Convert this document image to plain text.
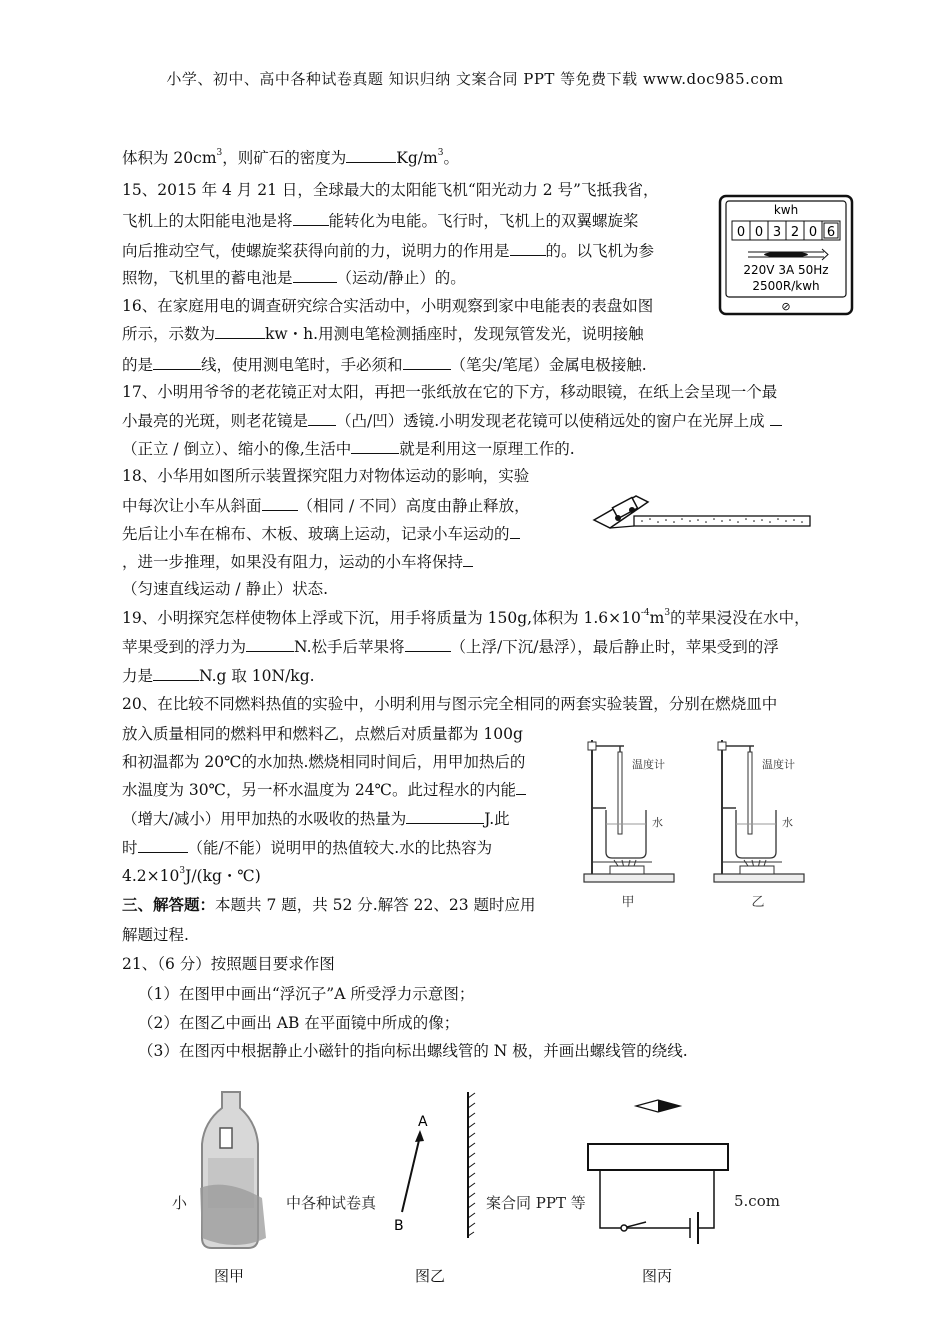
小学、初中、高中各种试卷真题 知识归纳 文案合同 PPT 等免费下载 www.doc985.com
体积为 $20cm^3$，则矿石的密度为	$Kg/m^3$。
15、2015 年 4 月 21 日，全球最大的太阳能飞机“阳光动力 2 号”飞抵我省，
飞机上的太阳能电池是将 能转化为电能。飞行时，飞机上的双翼螺旋桨
向后推动空气，使螺旋桨获得向前的力，说明力的作用是 的。以飞机为参
照物，飞机里的蓄电池是	（运动/静止）的。
kwh
0 0 3 2 0 6
220V 3A 50Hz
2500R/kwh
⊘
16、在家庭用电的调查研究综合实活动中，小明观察到家中电能表的表盘如图
所示，示数为	kw・h.用测电笔检测插座时，发现氖管发光，说明接触
的是	线，使用测电笔时，手必须和	（笔尖/笔尾）金属电极接触.
17、小明用爷爷的老花镜正对太阳，再把一张纸放在它的下方，移动眼镜，在纸上会呈现一个最
小最亮的光斑，则老花镜是 （凸/凹）透镜.小明发现老花镜可以使稍远处的窗户在光屏上成
（正立 / 倒立）、缩小的像,生活中	就是利用这一原理工作的.
18、小华用如图所示装置探究阻力对物体运动的影响，实验
中每次让小车从斜面 （相同 / 不同）高度由静止释放，
先后让小车在棉布、木板、玻璃上运动，记录小车运动的
，进一步推理，如果没有阻力，运动的小车将保持
（匀速直线运动 / 静止）状态.
19、小明探究怎样使物体上浮或下沉，用手将质量为 150g,体积为 $1.6\times 10^{-4}m^3$的苹果浸没在水中，
苹果受到的浮力为	N.松手后苹果将	（上浮/下沉/悬浮），最后静止时，苹果受到的浮
力是	N.g 取 10N/kg.
20、在比较不同燃料热值的实验中，小明利用与图示完全相同的两套实验装置，分别在燃烧皿中
放入质量相同的燃料甲和燃料乙，点燃后对质量都为 100g
和初温都为 20℃的水加热.燃烧相同时间后，用甲加热后的
水温度为 30℃，另一杯水温度为 24℃。此过程水的内能
（增大/减小）用甲加热的水吸收的热量为	J.此
时	（能/不能）说明甲的热值较大.水的比热容为
$4.2\times 10^3J/(kg$・℃)
温度计
水
甲
温度计
水
乙
三、解答题：本题共 7 题，共 52 分.解答 22、23 题时应用
解题过程.
21、（6 分）按照题目要求作图
（1）在图甲中画出“浮沉子”A 所受浮力示意图；
（2）在图乙中画出 AB 在平面镜中所成的像；
（3）在图丙中根据静止小磁针的指向标出螺线管的 N 极，并画出螺线管的绕线.
A
B
小	中各种试卷真	案合同 PPT 等	5.com
图甲	图乙	图丙
